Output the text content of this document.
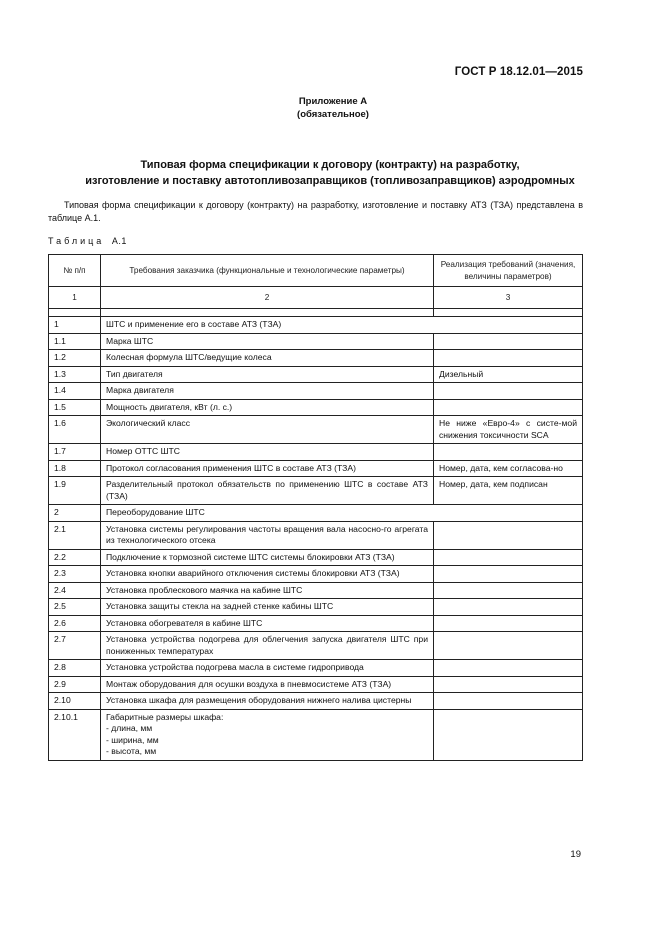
ГОСТ Р 18.12.01—2015
Приложение А
(обязательное)
Типовая форма спецификации к договору (контракту) на разработку,
изготовление и поставку автотопливозаправщиков (топливозаправщиков) аэродромных
Типовая форма спецификации к договору (контракту) на разработку, изготовление и поставку АТЗ (ТЗА) представлена в таблице А.1.
Таблица А.1
№ п/п	Требования заказчика (функциональные и технологические параметры)	Реализация требований (значения, величины параметров)
1	2	3

1	ШТС и применение его в составе АТЗ (ТЗА)	
1.1	Марка ШТС	
1.2	Колесная формула ШТС/ведущие колеса	
1.3	Тип двигателя	Дизельный
1.4	Марка двигателя	
1.5	Мощность двигателя, кВт (л. с.)	
1.6	Экологический класс	Не ниже «Евро-4» с систе-мой снижения токсичности SCA
1.7	Номер ОТТС ШТС	
1.8	Протокол согласования применения ШТС в составе АТЗ (ТЗА)	Номер, дата, кем согласова-но
1.9	Разделительный протокол обязательств по применению ШТС в составе АТЗ (ТЗА)	Номер, дата, кем подписан
2	Переоборудование ШТС	
2.1	Установка системы регулирования частоты вращения вала насосно-го агрегата из технологического отсека	
2.2	Подключение к тормозной системе ШТС системы блокировки АТЗ (ТЗА)	
2.3	Установка кнопки аварийного отключения системы блокировки АТЗ (ТЗА)	
2.4	Установка проблескового маячка на кабине ШТС	
2.5	Установка защиты стекла на задней стенке кабины ШТС	
2.6	Установка обогревателя в кабине ШТС	
2.7	Установка устройства подогрева для облегчения запуска двигателя ШТС при пониженных температурах	
2.8	Установка устройства подогрева масла в системе гидропривода	
2.9	Монтаж оборудования для осушки воздуха в пневмосистеме АТЗ (ТЗА)	
2.10	Установка шкафа для размещения оборудования нижнего налива цистерны	
2.10.1	Габаритные размеры шкафа:
- длина, мм
- ширина, мм
- высота, мм	

19
